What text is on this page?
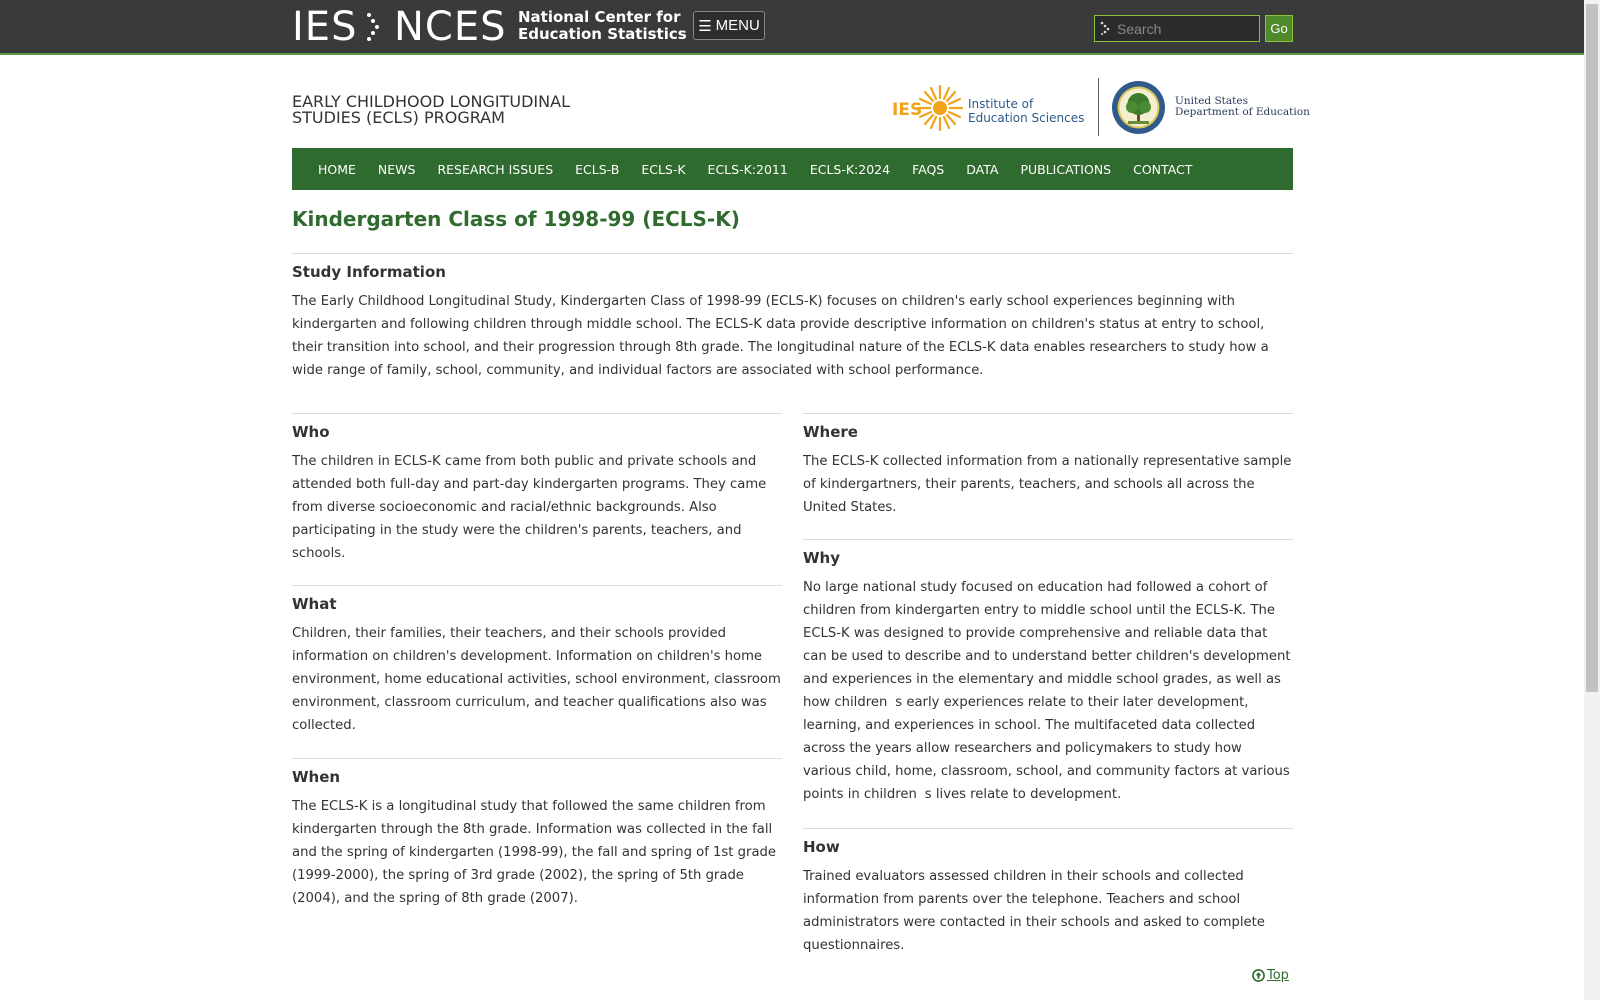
IES NCES National Center for
Education Statistics ☰ MENU
Search	Go
EARLY CHILDHOOD LONGITUDINAL
STUDIES (ECLS) PROGRAM	IES	Institute of
Education Sciences
United States
Department of Education
HOME NEWS RESEARCH ISSUES ECLS-B ECLS-K ECLS-K:2011 ECLS-K:2024 FAQS DATA PUBLICATIONS CONTACT
Kindergarten Class of 1998-99 (ECLS-K)
Study Information

The Early Childhood Longitudinal Study, Kindergarten Class of 1998-99 (ECLS-K) focuses on children's early school experiences beginning with kindergarten and following children through middle school. The ECLS-K data provide descriptive information on children's status at entry to school, their transition into school, and their progression through 8th grade. The longitudinal nature of the ECLS-K data enables researchers to study how a wide range of family, school, community, and individual factors are associated with school performance.

Who

The children in ECLS-K came from both public and private schools and attended both full-day and part-day kindergarten programs. They came from diverse socioeconomic and racial/ethnic backgrounds. Also participating in the study were the children's parents, teachers, and schools.

What

Children, their families, their teachers, and their schools provided information on children's development. Information on children's home environment, home educational activities, school environment, classroom environment, classroom curriculum, and teacher qualifications also was collected.

When

The ECLS-K is a longitudinal study that followed the same children from kindergarten through the 8th grade. Information was collected in the fall and the spring of kindergarten (1998-99), the fall and spring of 1st grade (1999-2000), the spring of 3rd grade (2002), the spring of 5th grade (2004), and the spring of 8th grade (2007).

Where

The ECLS-K collected information from a nationally representative sample of kindergartners, their parents, teachers, and schools all across the United States.

Why

No large national study focused on education had followed a cohort of children from kindergarten entry to middle school until the ECLS-K. The ECLS-K was designed to provide comprehensive and reliable data that can be used to describe and to understand better children's development and experiences in the elementary and middle school grades, as well as how childrens early experiences relate to their later development, learning, and experiences in school. The multifaceted data collected across the years allow researchers and policymakers to study how various child, home, classroom, school, and community factors at various points in childrens lives relate to development.

How

Trained evaluators assessed children in their schools and collected information from parents over the telephone. Teachers and school administrators were contacted in their schools and asked to complete questionnaires.

Top
